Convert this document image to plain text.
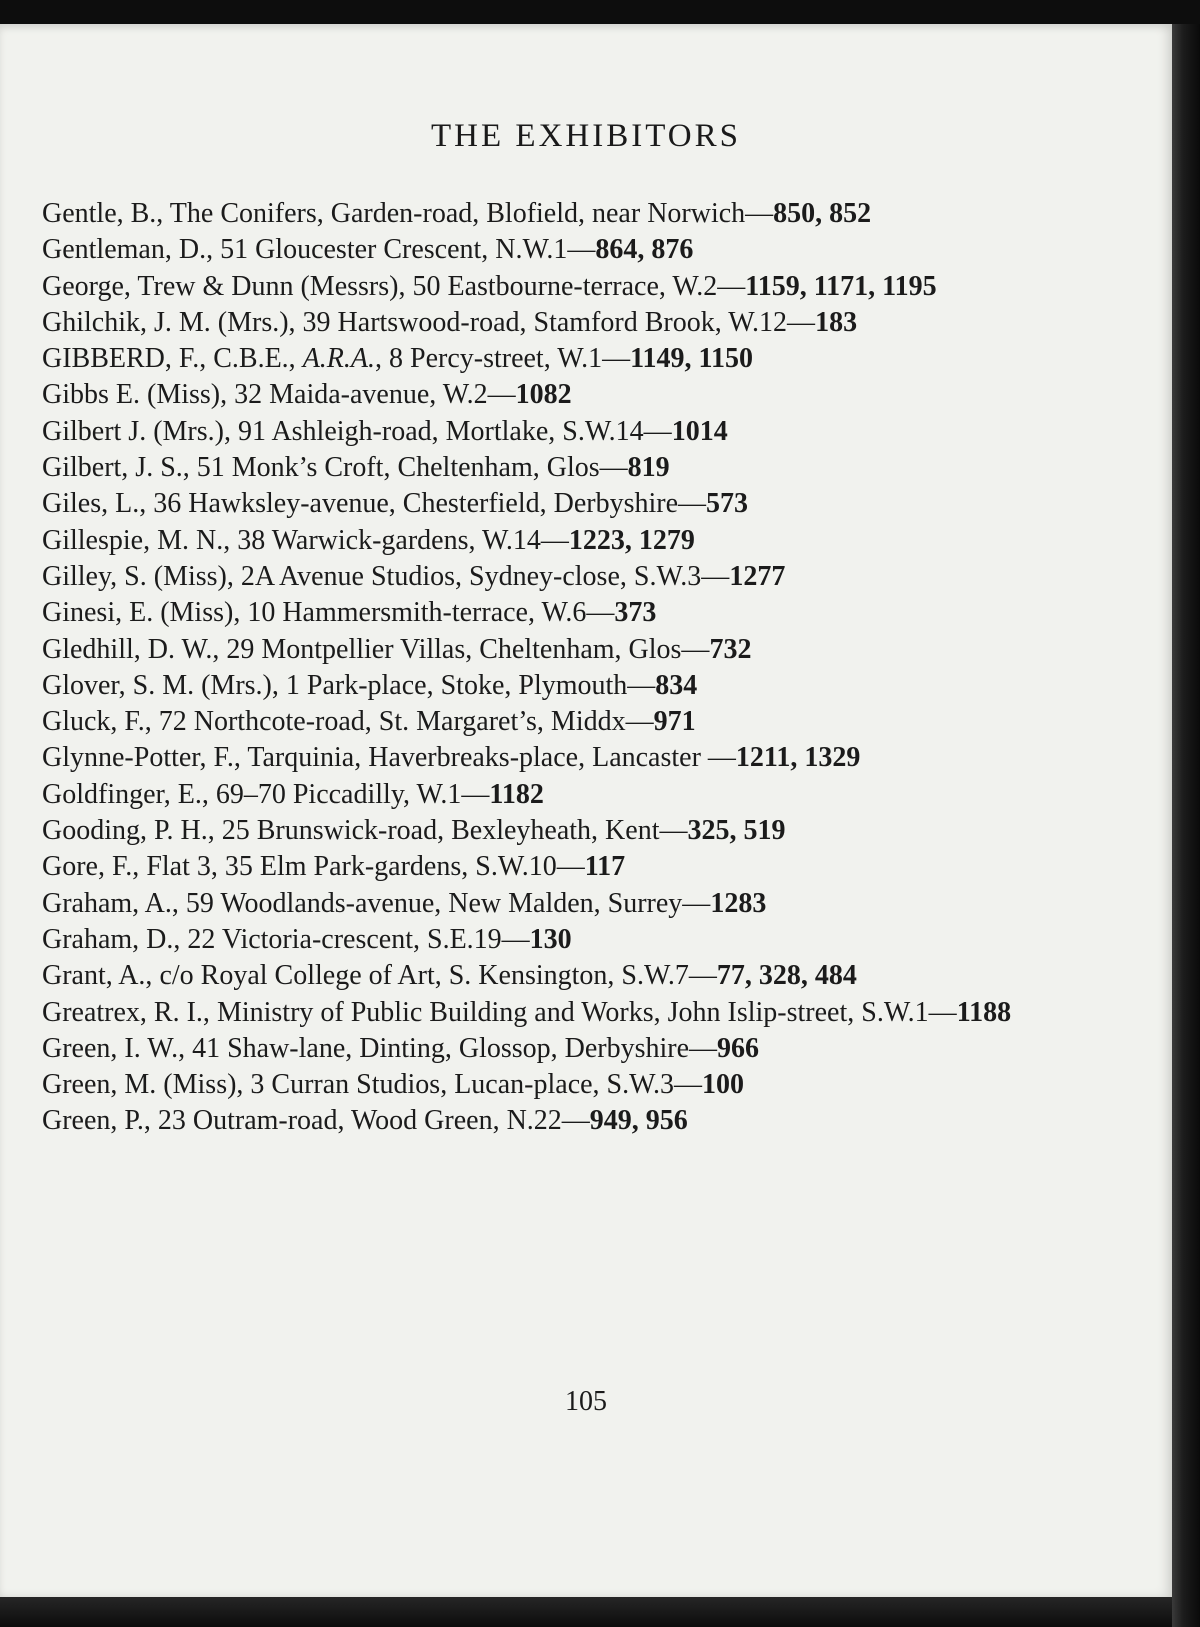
THE EXHIBITORS
Gentle, B., The Conifers, Garden-road, Blofield, near Norwich—850, 852
Gentleman, D., 51 Gloucester Crescent, N.W.1—864, 876
George, Trew & Dunn (Messrs), 50 Eastbourne-terrace, W.2—1159, 1171, 1195
Ghilchik, J. M. (Mrs.), 39 Hartswood-road, Stamford Brook, W.12—183
GIBBERD, F., C.B.E., A.R.A., 8 Percy-street, W.1—1149, 1150
Gibbs E. (Miss), 32 Maida-avenue, W.2—1082
Gilbert J. (Mrs.), 91 Ashleigh-road, Mortlake, S.W.14—1014
Gilbert, J. S., 51 Monk’s Croft, Cheltenham, Glos—819
Giles, L., 36 Hawksley-avenue, Chesterfield, Derbyshire—573
Gillespie, M. N., 38 Warwick-gardens, W.14—1223, 1279
Gilley, S. (Miss), 2A Avenue Studios, Sydney-close, S.W.3—1277
Ginesi, E. (Miss), 10 Hammersmith-terrace, W.6—373
Gledhill, D. W., 29 Montpellier Villas, Cheltenham, Glos—732
Glover, S. M. (Mrs.), 1 Park-place, Stoke, Plymouth—834
Gluck, F., 72 Northcote-road, St. Margaret’s, Middx—971
Glynne-Potter, F., Tarquinia, Haverbreaks-place, Lancaster —1211, 1329
Goldfinger, E., 69–70 Piccadilly, W.1—1182
Gooding, P. H., 25 Brunswick-road, Bexleyheath, Kent—325, 519
Gore, F., Flat 3, 35 Elm Park-gardens, S.W.10—117
Graham, A., 59 Woodlands-avenue, New Malden, Surrey—1283
Graham, D., 22 Victoria-crescent, S.E.19—130
Grant, A., c/o Royal College of Art, S. Kensington, S.W.7—77, 328, 484
Greatrex, R. I., Ministry of Public Building and Works, John Islip-street, S.W.1—1188
Green, I. W., 41 Shaw-lane, Dinting, Glossop, Derbyshire—966
Green, M. (Miss), 3 Curran Studios, Lucan-place, S.W.3—100
Green, P., 23 Outram-road, Wood Green, N.22—949, 956
105
